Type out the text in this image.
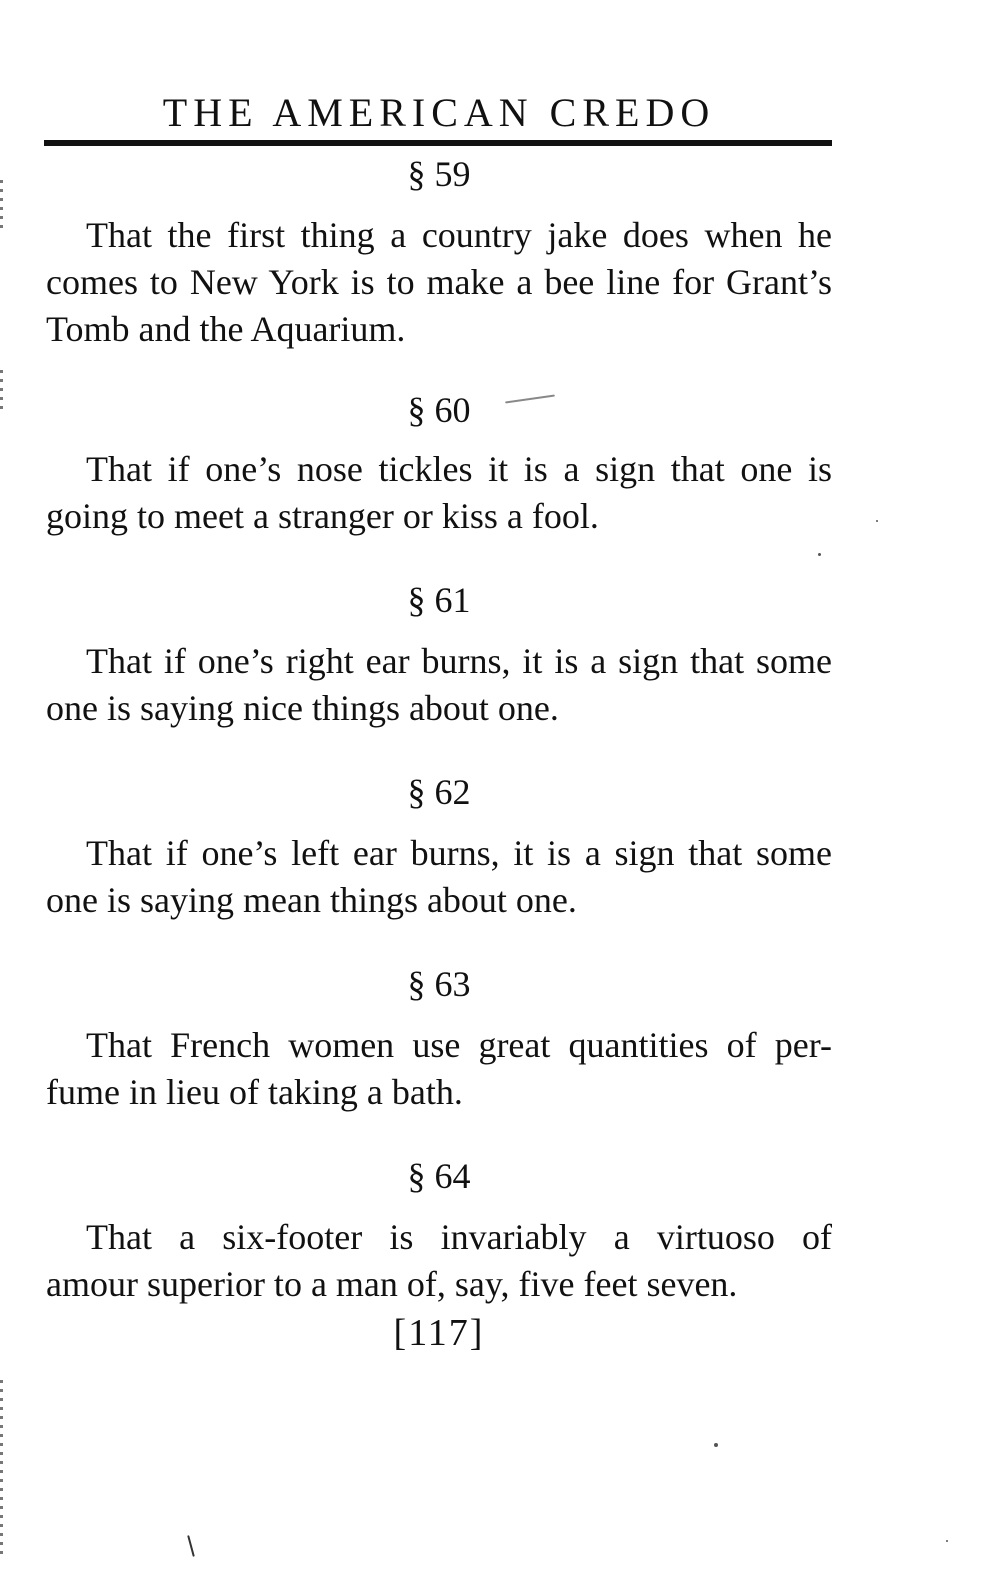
THE AMERICAN CREDO
§ 59
That the first thing a country jake does when he
comes to New York is to make a bee line for Grant’s
Tomb and the Aquarium.
§ 60
That if one’s nose tickles it is a sign that one is
going to meet a stranger or kiss a fool.
§ 61
That if one’s right ear burns, it is a sign that some
one is saying nice things about one.
§ 62
That if one’s left ear burns, it is a sign that some
one is saying mean things about one.
§ 63
That French women use great quantities of per-
fume in lieu of taking a bath.
§ 64
That a six-footer is invariably a virtuoso of
amour superior to a man of, say, five feet seven.
[117]
